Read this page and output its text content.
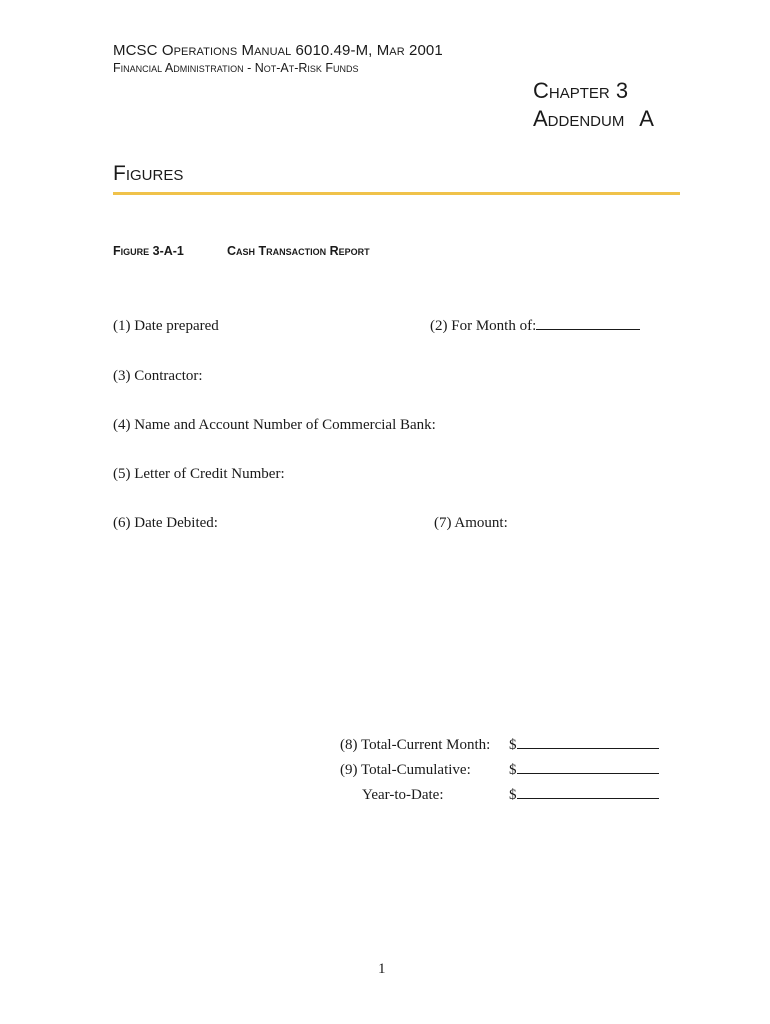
MCSC Operations Manual 6010.49-M, Mar 2001
Financial Administration - Not-At-Risk Funds
Chapter 3
Addendum A
Figures
Figure 3-A-1	Cash Transaction Report
(1) Date prepared	(2) For Month of:
(3) Contractor:
(4) Name and Account Number of Commercial Bank:
(5) Letter of Credit Number:
(6) Date Debited:	(7) Amount:
(8) Total-Current Month: $
(9) Total-Cumulative:	$
Year-to-Date:	$
1
